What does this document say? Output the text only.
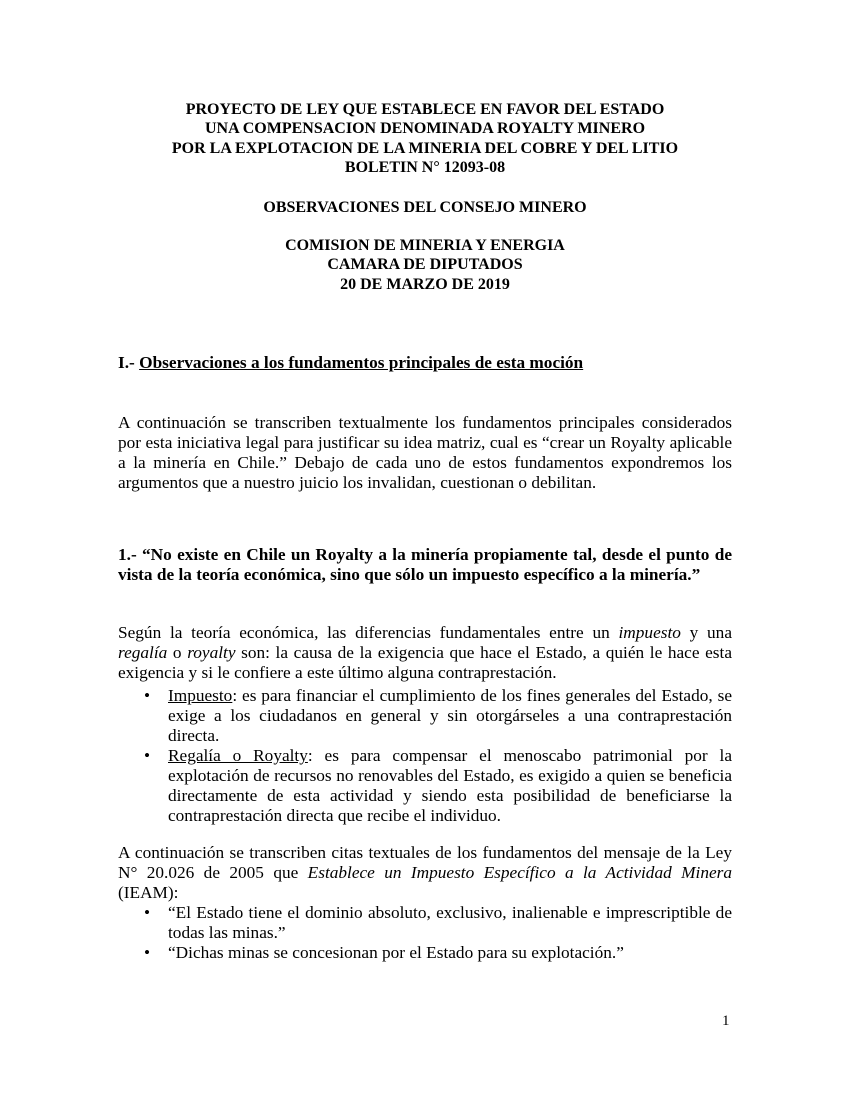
PROYECTO DE LEY QUE ESTABLECE EN FAVOR DEL ESTADO
UNA COMPENSACION DENOMINADA ROYALTY MINERO
POR LA EXPLOTACION DE LA MINERIA DEL COBRE Y DEL LITIO
BOLETIN N° 12093-08
OBSERVACIONES DEL CONSEJO MINERO
COMISION DE MINERIA Y ENERGIA
CAMARA DE DIPUTADOS
20 DE MARZO DE 2019
I.- Observaciones a los fundamentos principales de esta moción
A continuación se transcriben textualmente los fundamentos principales considerados por esta iniciativa legal para justificar su idea matriz, cual es “crear un Royalty aplicable a la minería en Chile.” Debajo de cada uno de estos fundamentos expondremos los argumentos que a nuestro juicio los invalidan, cuestionan o debilitan.
1.- “No existe en Chile un Royalty a la minería propiamente tal, desde el punto de vista de la teoría económica, sino que sólo un impuesto específico a la minería.”
Según la teoría económica, las diferencias fundamentales entre un impuesto y una regalía o royalty son: la causa de la exigencia que hace el Estado, a quién le hace esta exigencia y si le confiere a este último alguna contraprestación.
• Impuesto: es para financiar el cumplimiento de los fines generales del Estado, se exige a los ciudadanos en general y sin otorgárseles a una contraprestación directa.
• Regalía o Royalty: es para compensar el menoscabo patrimonial por la explotación de recursos no renovables del Estado, es exigido a quien se beneficia directamente de esta actividad y siendo esta posibilidad de beneficiarse la contraprestación directa que recibe el individuo.
A continuación se transcriben citas textuales de los fundamentos del mensaje de la Ley N° 20.026 de 2005 que Establece un Impuesto Específico a la Actividad Minera (IEAM):
• “El Estado tiene el dominio absoluto, exclusivo, inalienable e imprescriptible de todas las minas.”
• “Dichas minas se concesionan por el Estado para su explotación.”
1
